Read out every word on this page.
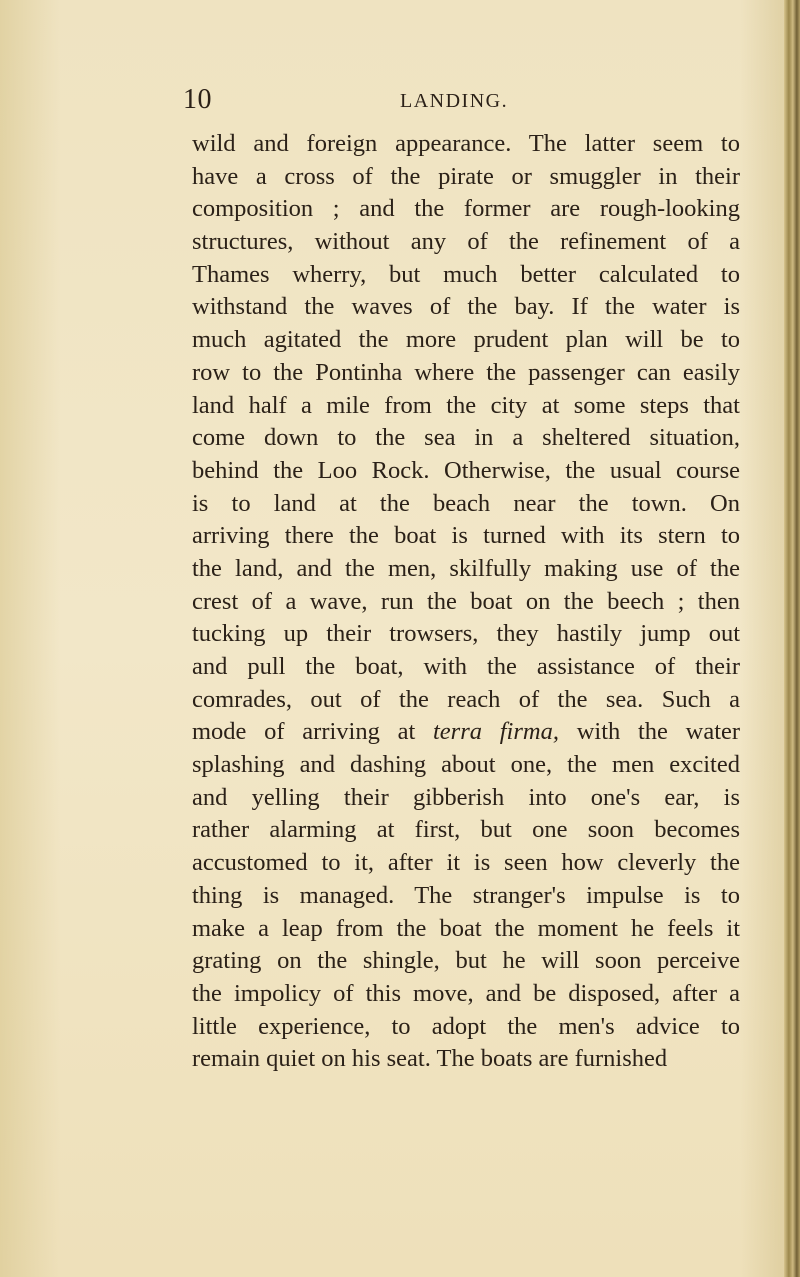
10	LANDING.
wild and foreign appearance. The latter seem to
have a cross of the pirate or smuggler in their
composition ; and the former are rough-looking
structures, without any of the refinement of a
Thames wherry, but much better calculated to
withstand the waves of the bay. If the water is
much agitated the more prudent plan will be to
row to the Pontinha where the passenger can easily
land half a mile from the city at some steps that
come down to the sea in a sheltered situation,
behind the Loo Rock. Otherwise, the usual course
is to land at the beach near the town. On
arriving there the boat is turned with its stern to
the land, and the men, skilfully making use of the
crest of a wave, run the boat on the beech ; then
tucking up their trowsers, they hastily jump out
and pull the boat, with the assistance of their
comrades, out of the reach of the sea. Such a
mode of arriving at terra firma, with the water
splashing and dashing about one, the men excited
and yelling their gibberish into one's ear, is
rather alarming at first, but one soon becomes
accustomed to it, after it is seen how cleverly the
thing is managed. The stranger's impulse is to
make a leap from the boat the moment he feels it
grating on the shingle, but he will soon perceive
the impolicy of this move, and be disposed, after a
little experience, to adopt the men's advice to
remain quiet on his seat. The boats are furnished
